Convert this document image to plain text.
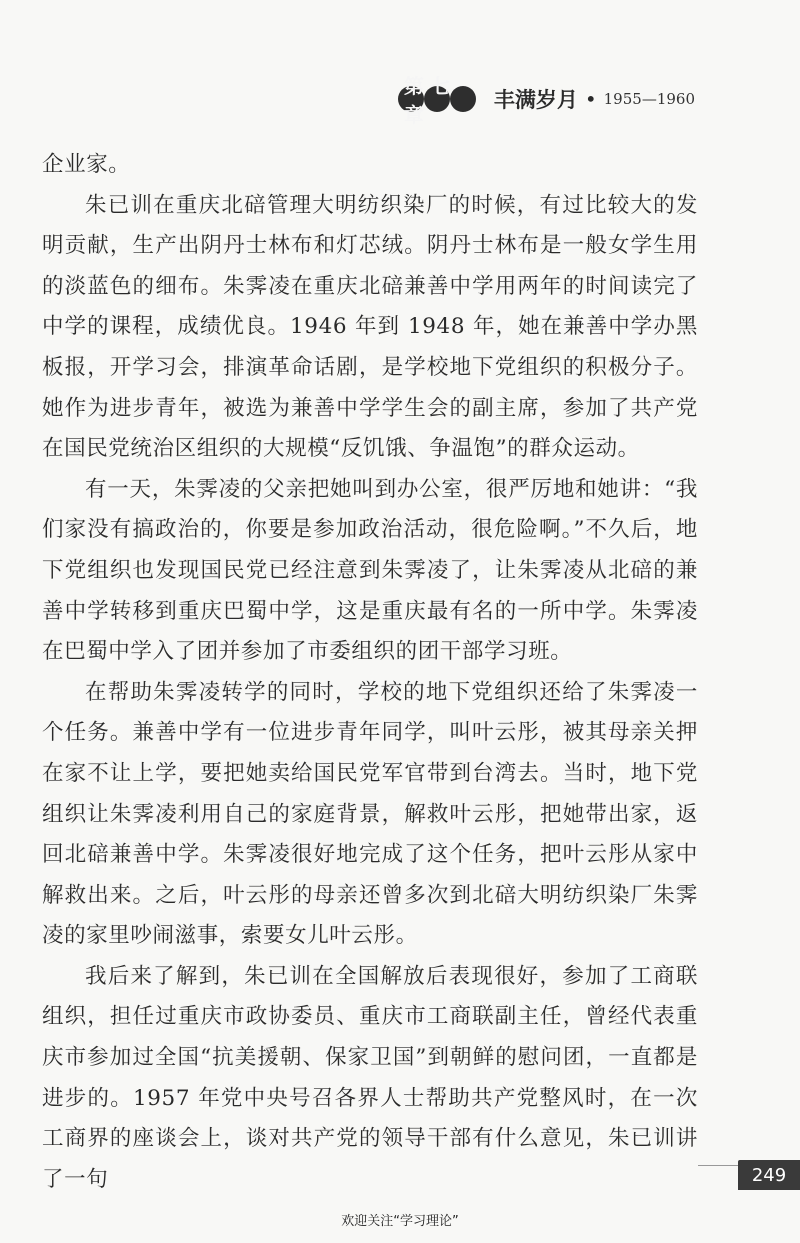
第七章
丰满岁月 • 1955—1960

企业家。

朱已训在重庆北碚管理大明纺织染厂的时候，有过比较大的发明贡献，生产出阴丹士林布和灯芯绒。阴丹士林布是一般女学生用的淡蓝色的细布。朱霁凌在重庆北碚兼善中学用两年的时间读完了中学的课程，成绩优良。1946 年到 1948 年，她在兼善中学办黑板报，开学习会，排演革命话剧，是学校地下党组织的积极分子。她作为进步青年，被选为兼善中学学生会的副主席，参加了共产党在国民党统治区组织的大规模“反饥饿、争温饱”的群众运动。

有一天，朱霁凌的父亲把她叫到办公室，很严厉地和她讲：“我们家没有搞政治的，你要是参加政治活动，很危险啊。”不久后，地下党组织也发现国民党已经注意到朱霁凌了，让朱霁凌从北碚的兼善中学转移到重庆巴蜀中学，这是重庆最有名的一所中学。朱霁凌在巴蜀中学入了团并参加了市委组织的团干部学习班。

在帮助朱霁凌转学的同时，学校的地下党组织还给了朱霁凌一个任务。兼善中学有一位进步青年同学，叫叶云彤，被其母亲关押在家不让上学，要把她卖给国民党军官带到台湾去。当时，地下党组织让朱霁凌利用自己的家庭背景，解救叶云彤，把她带出家，返回北碚兼善中学。朱霁凌很好地完成了这个任务，把叶云彤从家中解救出来。之后，叶云彤的母亲还曾多次到北碚大明纺织染厂朱霁凌的家里吵闹滋事，索要女儿叶云彤。

我后来了解到，朱已训在全国解放后表现很好，参加了工商联组织，担任过重庆市政协委员、重庆市工商联副主任，曾经代表重庆市参加过全国“抗美援朝、保家卫国”到朝鲜的慰问团，一直都是进步的。1957 年党中央号召各界人士帮助共产党整风时，在一次工商界的座谈会上，谈对共产党的领导干部有什么意见，朱已训讲了一句	249
欢迎关注“学习理论”
